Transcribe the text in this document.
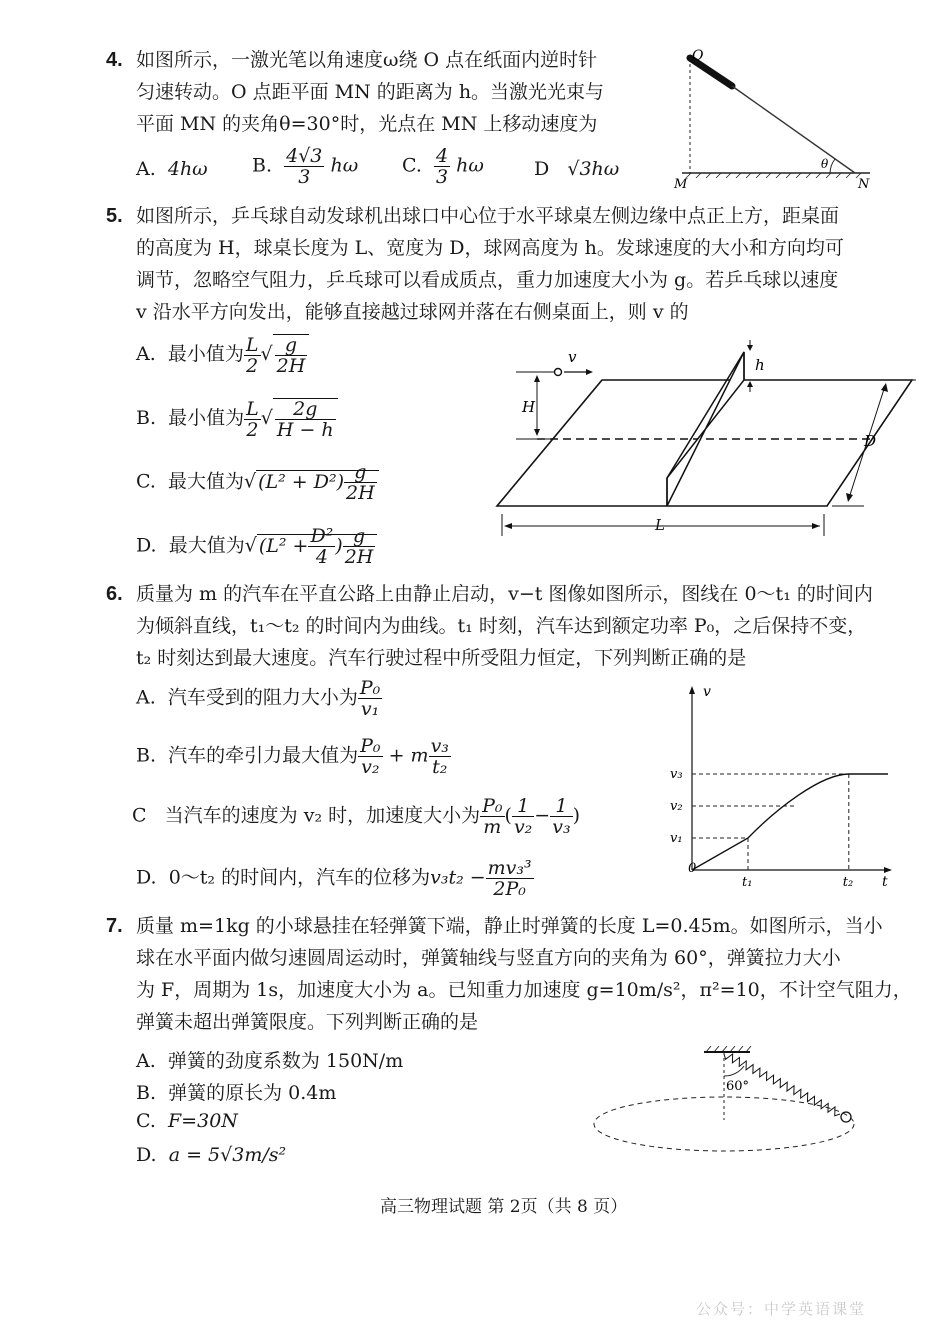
4. 如图所示，一激光笔以角速度ω绕 O 点在纸面内逆时针
匀速转动。O 点距平面 MN 的距离为 h。当激光光束与
平面 MN 的夹角θ=30°时，光点在 MN 上移动速度为
A. 4hω B. $\frac{4√3}{3}$ hω C. $\frac{4}{3}$ hω	D √3hω
O
M	N
θ
5. 如图所示，乒乓球自动发球机出球口中心位于水平球桌左侧边缘中点正上方，距桌面
的高度为 H，球桌长度为 L、宽度为 D，球网高度为 h。发球速度的大小和方向均可
调节，忽略空气阻力，乒乓球可以看成质点，重力加速度大小为 g。若乒乓球以速度
v 沿水平方向发出，能够直接越过球网并落在右侧桌面上，则 v 的
A. 最小值为 $\frac{L}{2}$ √ $\frac{g}{2H}$
B. 最小值为 $\frac{L}{2}$ √ $\frac{2g}{H - h}$
C. 最大值为√ $(L^2 + D^2) \frac{g}{2H}$
D. 最大值为√ ($L^2 + \frac{\text{D²}}{4}$ ) $\frac{g}{2H}$
v	h
H
D
L
6. 质量为 m 的汽车在平直公路上由静止启动，v−t 图像如图所示，图线在 0～t₁ 的时间内
为倾斜直线，t₁～t₂ 的时间内为曲线。t₁ 时刻，汽车达到额定功率 P₀，之后保持不变，
t₂ 时刻达到最大速度。汽车行驶过程中所受阻力恒定，下列判断正确的是
A. 汽车受到的阻力大小为 $\frac{\text{P₀}}{\text{v₁}}$
B. 汽车的牵引力最大值为 $\frac{\text{P₀}}{\text{v₂}} + m \frac{\text{v₃}}{\text{t₂}}$
C 当汽车的速度为 v₂ 时，加速度大小为 $\frac{\text{P₀}}{m}$ ( $\frac{1}{\text{v₂}} - \frac{1}{\text{v₃}}$ )
D. 0～t₂ 的时间内，汽车的位移为$v_3t_2 - \frac{\text{mv₃³}}{\text{2P₀}}$
v
t
t₁	t₂
0
v₁
v₂
v₃
7. 质量 m=1kg 的小球悬挂在轻弹簧下端，静止时弹簧的长度 L=0.45m。如图所示，当小
球在水平面内做匀速圆周运动时，弹簧轴线与竖直方向的夹角为 60°，弹簧拉力大小
为 F，周期为 1s，加速度大小为 a。已知重力加速度 g=10m/s²，π²=10，不计空气阻力，
弹簧未超出弹簧限度。下列判断正确的是
A. 弹簧的劲度系数为 150N/m
B. 弹簧的原长为 0.4m
C. F=30N
D. a = 5√3m/s²
60°
高三物理试题 第 2页（共 8 页）
公众号：中学英语课堂
